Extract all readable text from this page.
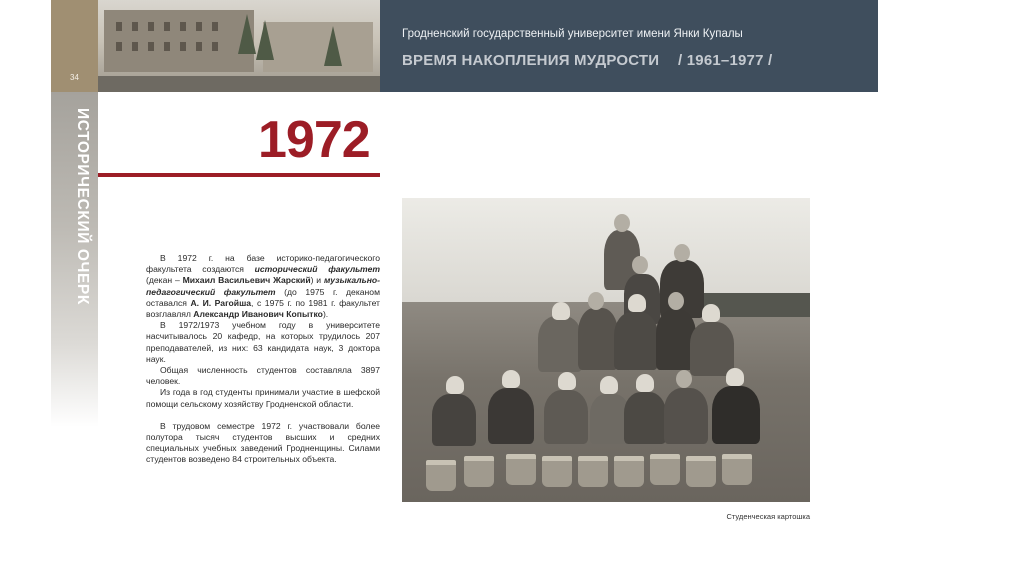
Гродненский государственный университет имени Янки Купалы
ВРЕМЯ НАКОПЛЕНИЯ МУДРОСТИ / 1961–1977 /
34
ИСТОРИЧЕСКИЙ ОЧЕРК	1972

В 1972 г. на базе историко-педагогического факультета создаются исторический факультет (декан – Михаил Васильевич Жарский) и музыкально-педагогический факультет (до 1975 г. деканом оставался А. И. Рагойша, с 1975 г. по 1981 г. факультет возглавлял Александр Иванович Копытко).

В 1972/1973 учебном году в университете насчитывалось 20 кафедр, на которых трудилось 207 преподавателей, из них: 63 кандидата наук, 3 доктора наук.

Общая численность студентов составляла 3897 человек.

Из года в год студенты принимали участие в шефской помощи сельскому хозяйству Гродненской области.

В трудовом семестре 1972 г. участвовали более полутора тысяч студентов высших и средних специальных учебных заведений Гродненщины. Силами студентов возведено 84 строительных объекта.

Студенческая картошка
